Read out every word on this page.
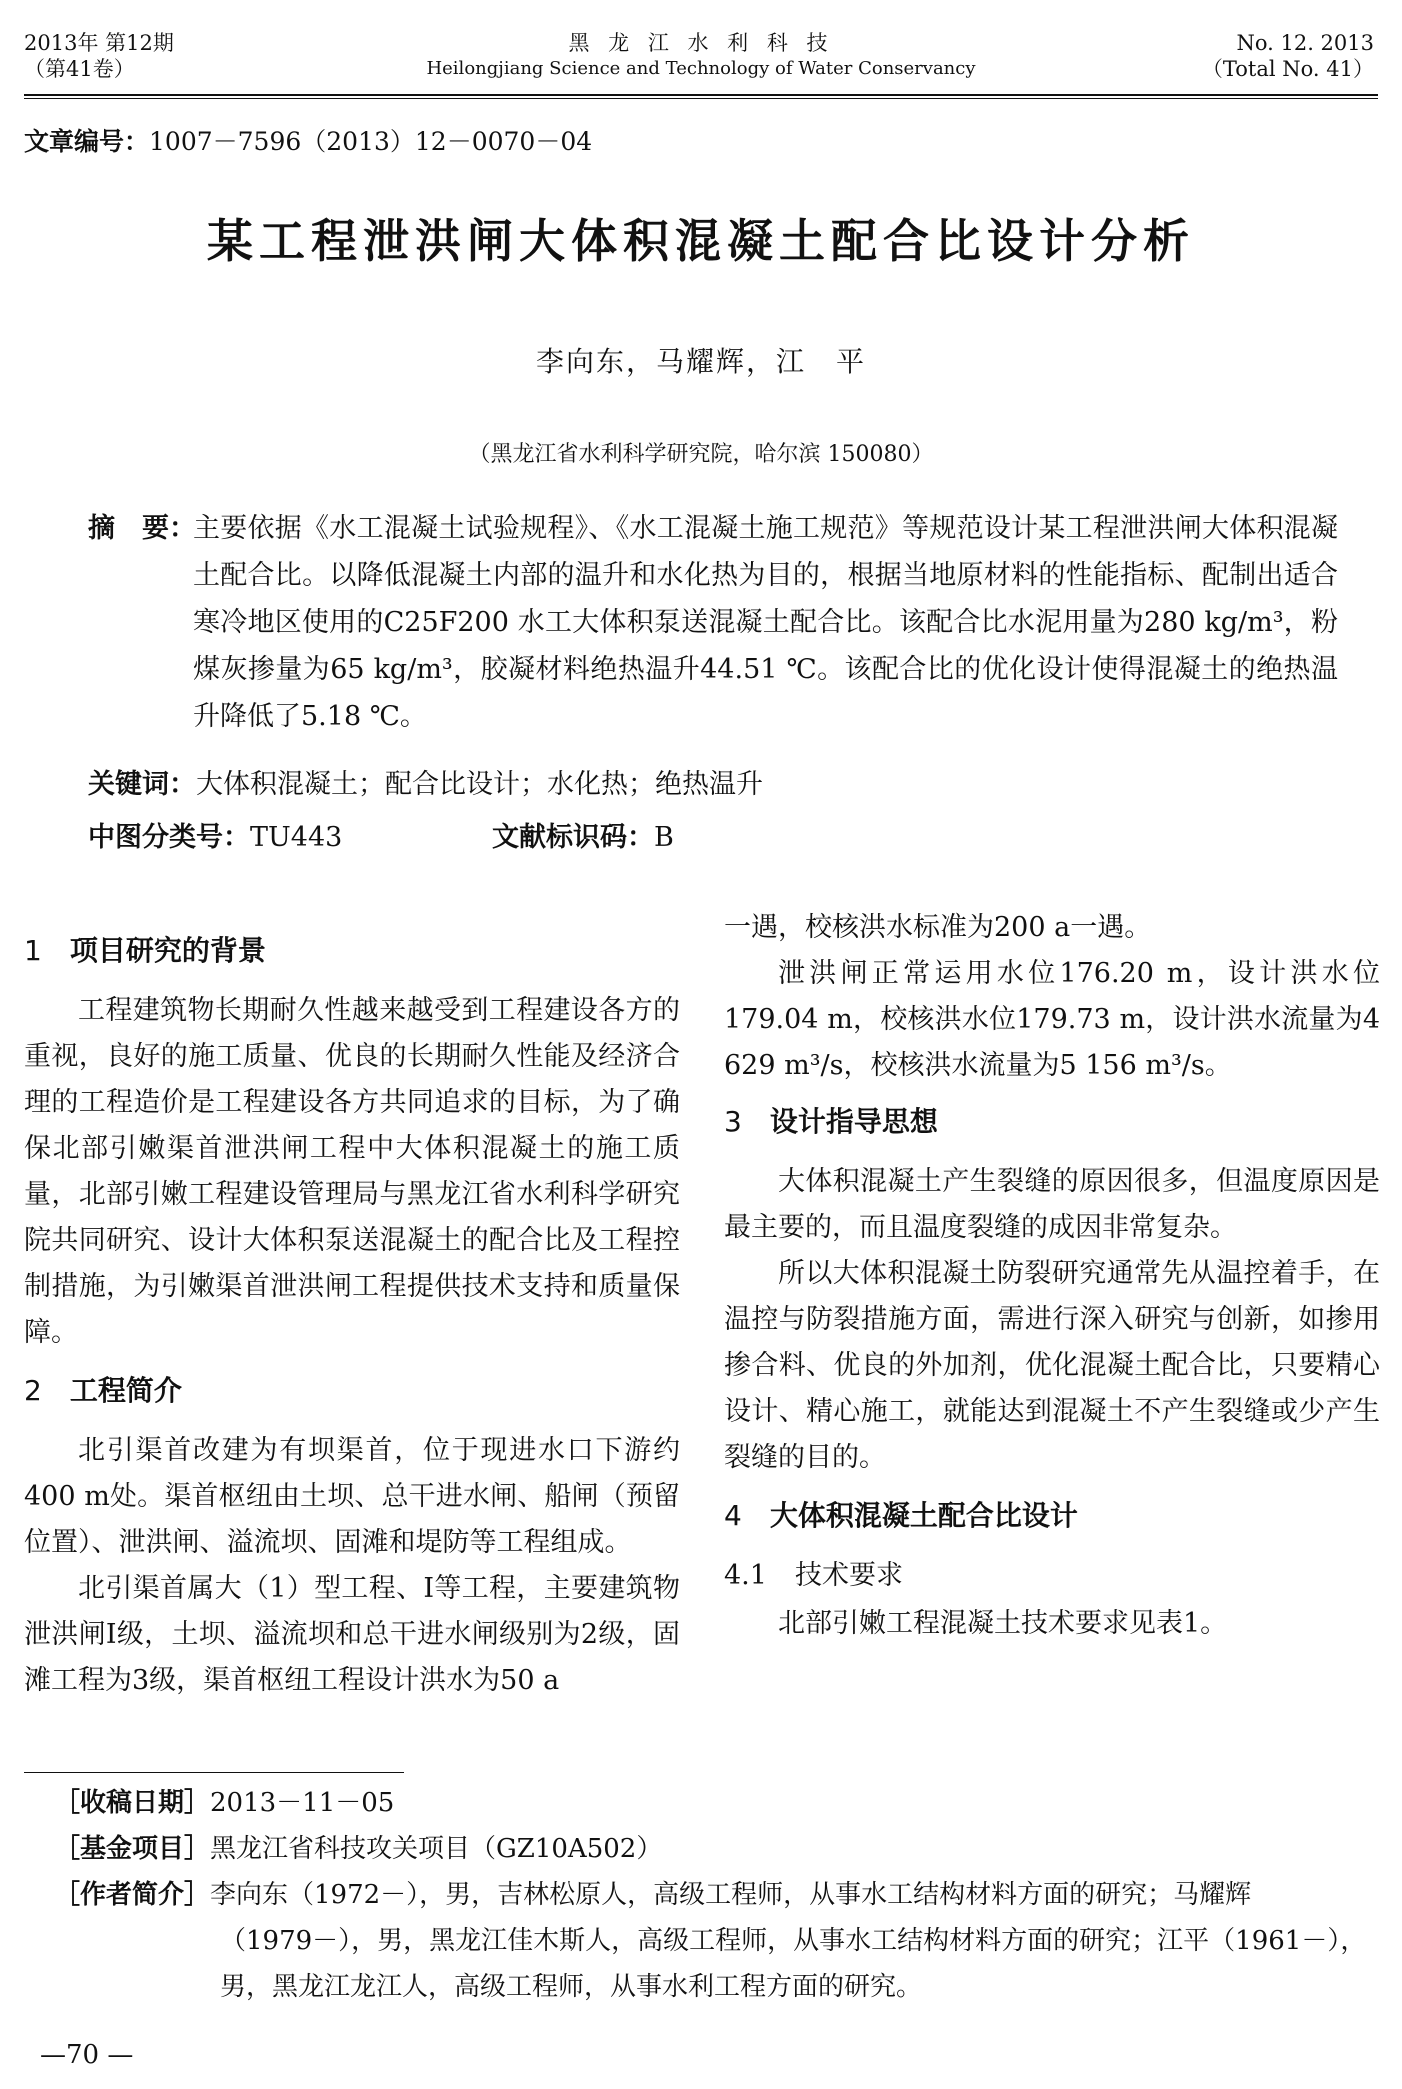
2013年 第12期
（第41卷）
黑 龙 江 水 利 科 技
Heilongjiang Science and Technology of Water Conservancy
No. 12. 2013
（Total No. 41）
文章编号：1007－7596（2013）12－0070－04
某工程泄洪闸大体积混凝土配合比设计分析
李向东，马耀辉，江　平
（黑龙江省水利科学研究院，哈尔滨 150080）
摘　要：
主要依据《水工混凝土试验规程》、《水工混凝土施工规范》等规范设计某工程泄洪闸大体积混凝土配合比。以降低混凝土内部的温升和水化热为目的，根据当地原材料的性能指标、配制出适合寒冷地区使用的C25F200 水工大体积泵送混凝土配合比。该配合比水泥用量为280 kg/m³，粉煤灰掺量为65 kg/m³，胶凝材料绝热温升44.51 ℃。该配合比的优化设计使得混凝土的绝热温升降低了5.18 ℃。
关键词：大体积混凝土；配合比设计；水化热；绝热温升
中图分类号：TU443	文献标识码：B
1 项目研究的背景

工程建筑物长期耐久性越来越受到工程建设各方的重视，良好的施工质量、优良的长期耐久性能及经济合理的工程造价是工程建设各方共同追求的目标，为了确保北部引嫩渠首泄洪闸工程中大体积混凝土的施工质量，北部引嫩工程建设管理局与黑龙江省水利科学研究院共同研究、设计大体积泵送混凝土的配合比及工程控制措施，为引嫩渠首泄洪闸工程提供技术支持和质量保障。

2 工程简介

北引渠首改建为有坝渠首，位于现进水口下游约400 m处。渠首枢纽由土坝、总干进水闸、船闸（预留位置）、泄洪闸、溢流坝、固滩和堤防等工程组成。

北引渠首属大（1）型工程、Ⅰ等工程，主要建筑物泄洪闸Ⅰ级，土坝、溢流坝和总干进水闸级别为2级，固滩工程为3级，渠首枢纽工程设计洪水为50 a

一遇，校核洪水标准为200 a一遇。

泄洪闸正常运用水位176.20 m，设计洪水位179.04 m，校核洪水位179.73 m，设计洪水流量为4 629 m³/s，校核洪水流量为5 156 m³/s。

3 设计指导思想

大体积混凝土产生裂缝的原因很多，但温度原因是最主要的，而且温度裂缝的成因非常复杂。

所以大体积混凝土防裂研究通常先从温控着手，在温控与防裂措施方面，需进行深入研究与创新，如掺用掺合料、优良的外加剂，优化混凝土配合比，只要精心设计、精心施工，就能达到混凝土不产生裂缝或少产生裂缝的目的。

4 大体积混凝土配合比设计
4.1 技术要求

北部引嫩工程混凝土技术要求见表1。

［收稿日期］2013－11－05
［基金项目］黑龙江省科技攻关项目（GZ10A502）
［作者简介］李向东（1972－），男，吉林松原人，高级工程师，从事水工结构材料方面的研究；马耀辉
（1979－），男，黑龙江佳木斯人，高级工程师，从事水工结构材料方面的研究；江平（1961－），
男，黑龙江龙江人，高级工程师，从事水利工程方面的研究。
—70 —
